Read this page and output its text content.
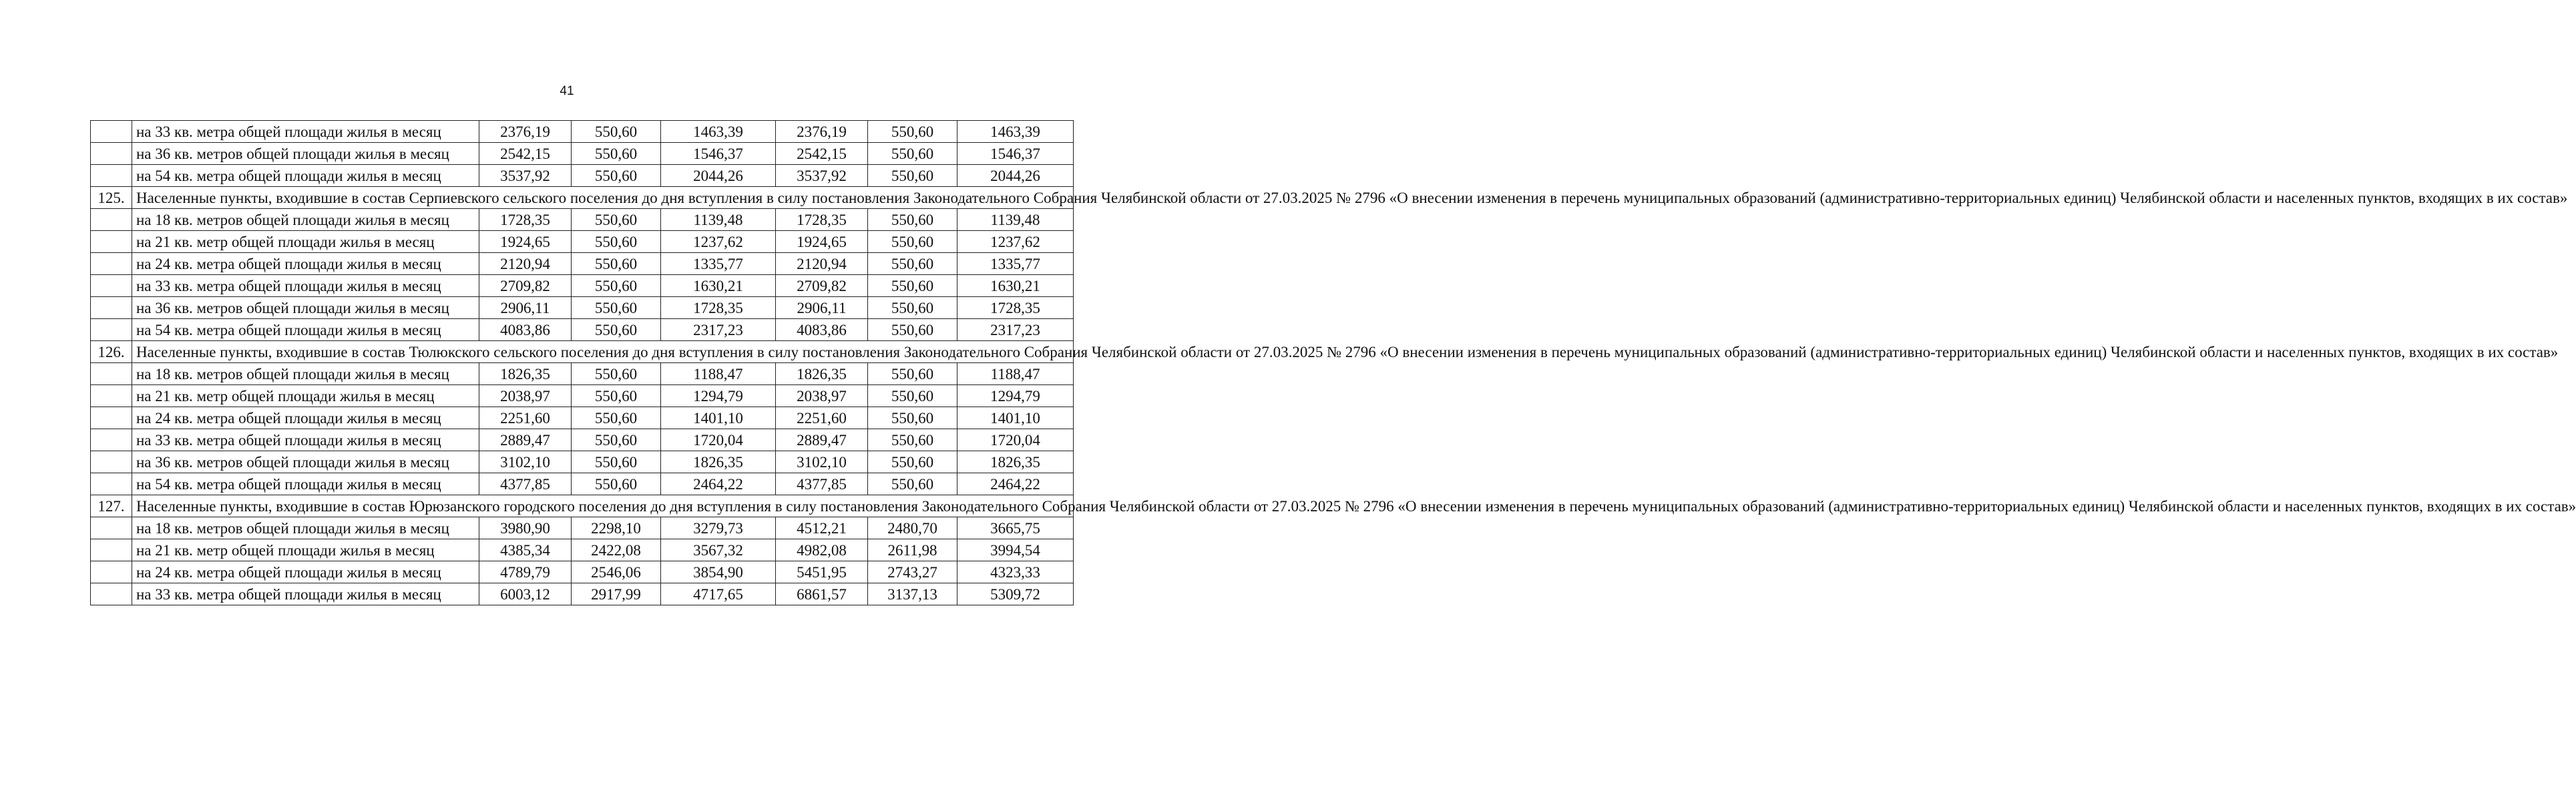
41
	на 33 кв. метра общей площади жилья в месяц	2376,19	550,60	1463,39	2376,19	550,60	1463,39
	на 36 кв. метров общей площади жилья в месяц	2542,15	550,60	1546,37	2542,15	550,60	1546,37
	на 54 кв. метра общей площади жилья в месяц	3537,92	550,60	2044,26	3537,92	550,60	2044,26
125.	Населенные пункты, входившие в состав Серпиевского сельского поселения до дня вступления в силу постановления Законодательного Собрания Челябинской области от 27.03.2025 № 2796 «О внесении изменения в перечень муниципальных образований (административно-территориальных единиц) Челябинской области и населенных пунктов, входящих в их состав»						
	на 18 кв. метров общей площади жилья в месяц	1728,35	550,60	1139,48	1728,35	550,60	1139,48
	на 21 кв. метр общей площади жилья в месяц	1924,65	550,60	1237,62	1924,65	550,60	1237,62
	на 24 кв. метра общей площади жилья в месяц	2120,94	550,60	1335,77	2120,94	550,60	1335,77
	на 33 кв. метра общей площади жилья в месяц	2709,82	550,60	1630,21	2709,82	550,60	1630,21
	на 36 кв. метров общей площади жилья в месяц	2906,11	550,60	1728,35	2906,11	550,60	1728,35
	на 54 кв. метра общей площади жилья в месяц	4083,86	550,60	2317,23	4083,86	550,60	2317,23
126.	Населенные пункты, входившие в состав Тюлюкского сельского поселения до дня вступления в силу постановления Законодательного Собрания Челябинской области от 27.03.2025 № 2796 «О внесении изменения в перечень муниципальных образований (административно-территориальных единиц) Челябинской области и населенных пунктов, входящих в их состав»						
	на 18 кв. метров общей площади жилья в месяц	1826,35	550,60	1188,47	1826,35	550,60	1188,47
	на 21 кв. метр общей площади жилья в месяц	2038,97	550,60	1294,79	2038,97	550,60	1294,79
	на 24 кв. метра общей площади жилья в месяц	2251,60	550,60	1401,10	2251,60	550,60	1401,10
	на 33 кв. метра общей площади жилья в месяц	2889,47	550,60	1720,04	2889,47	550,60	1720,04
	на 36 кв. метров общей площади жилья в месяц	3102,10	550,60	1826,35	3102,10	550,60	1826,35
	на 54 кв. метра общей площади жилья в месяц	4377,85	550,60	2464,22	4377,85	550,60	2464,22
127.	Населенные пункты, входившие в состав Юрюзанского городского поселения до дня вступления в силу постановления Законодательного Собрания Челябинской области от 27.03.2025 № 2796 «О внесении изменения в перечень муниципальных образований (административно-территориальных единиц) Челябинской области и населенных пунктов, входящих в их состав»						
	на 18 кв. метров общей площади жилья в месяц	3980,90	2298,10	3279,73	4512,21	2480,70	3665,75
	на 21 кв. метр общей площади жилья в месяц	4385,34	2422,08	3567,32	4982,08	2611,98	3994,54
	на 24 кв. метра общей площади жилья в месяц	4789,79	2546,06	3854,90	5451,95	2743,27	4323,33
	на 33 кв. метра общей площади жилья в месяц	6003,12	2917,99	4717,65	6861,57	3137,13	5309,72
